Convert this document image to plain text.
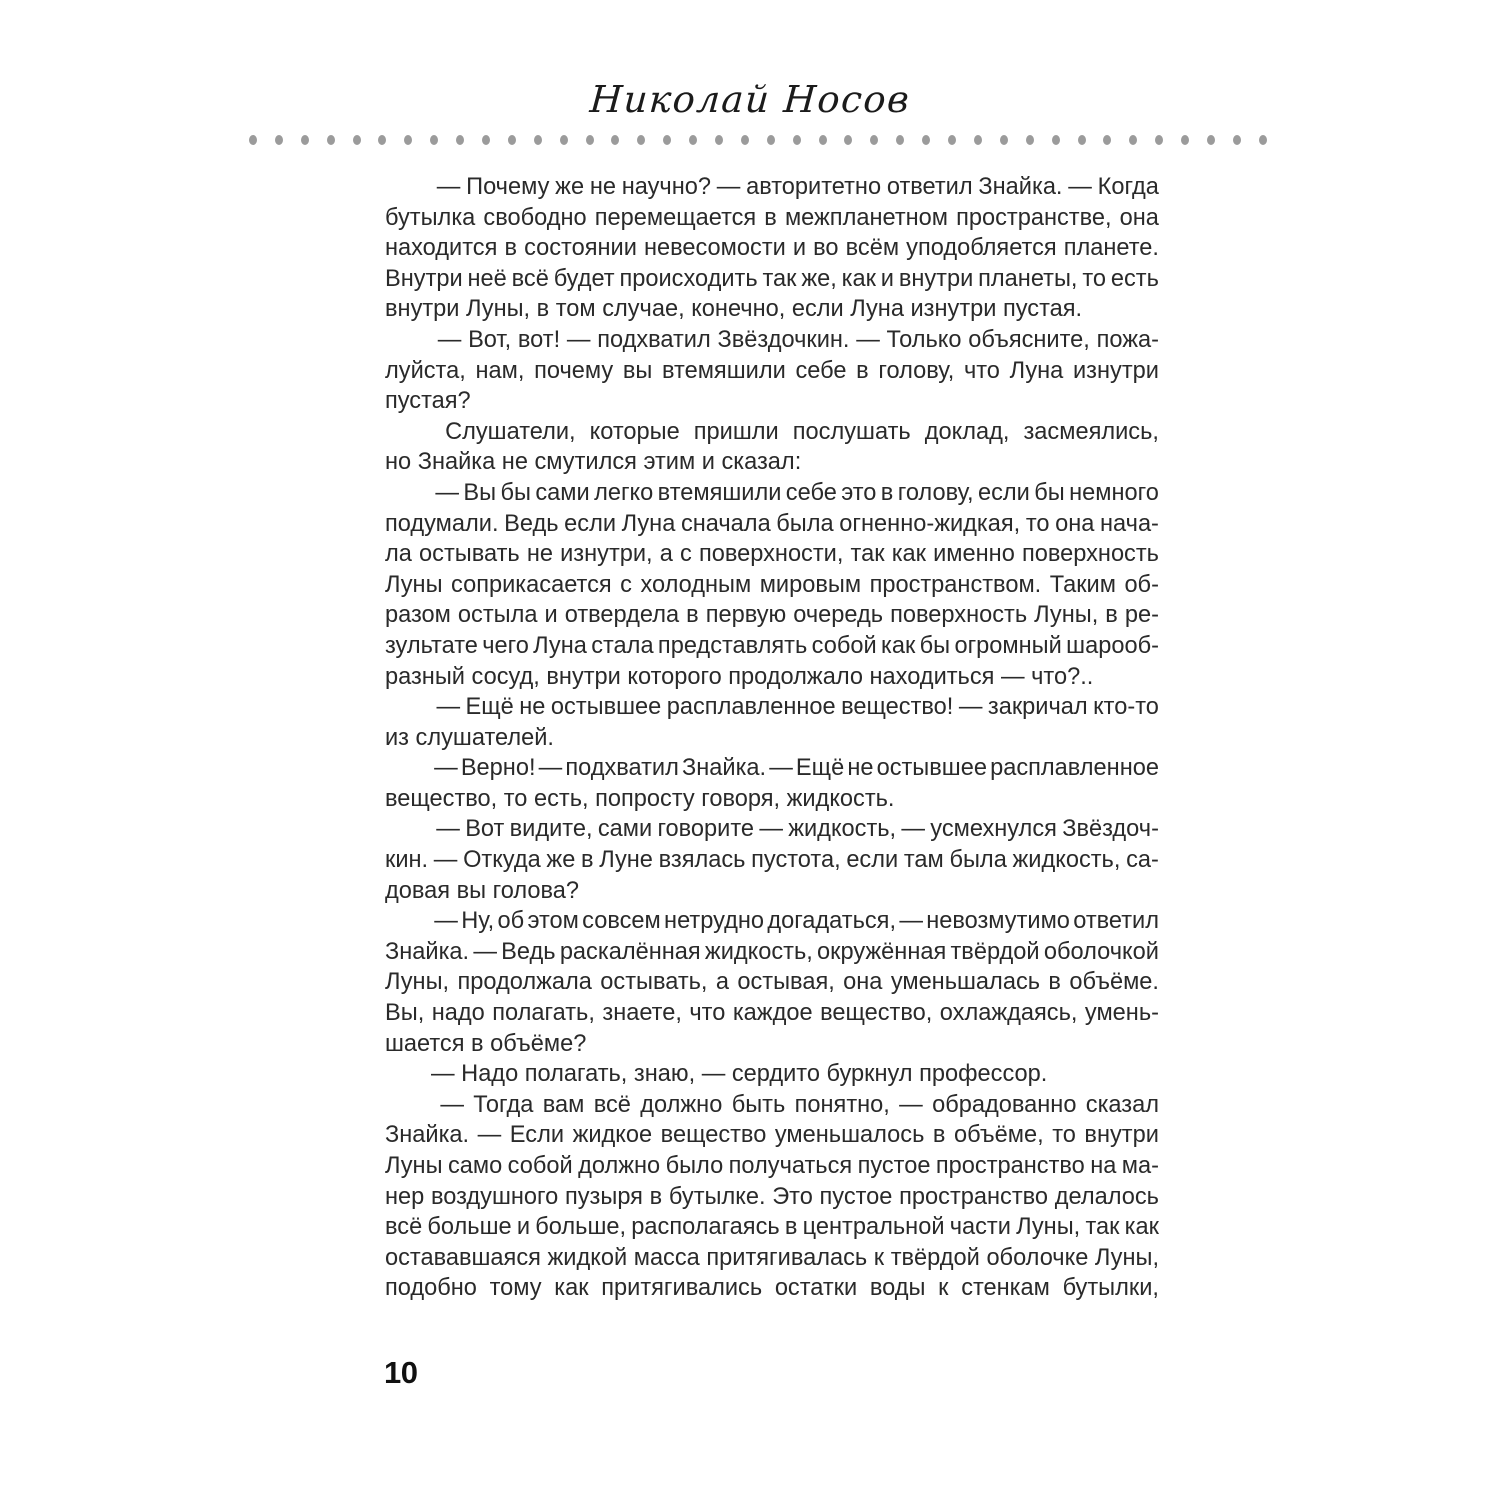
Николай Носов

— Почему же не научно? — авторитетно ответил Знайка. — Когда
бутылка свободно перемещается в межпланетном пространстве, она
находится в состоянии невесомости и во всём уподобляется планете.
Внутри неё всё будет происходить так же, как и внутри планеты, то есть
внутри Луны, в том случае, конечно, если Луна изнутри пустая.

— Вот, вот! — подхватил Звёздочкин. — Только объясните, пожа-
луйста, нам, почему вы втемяшили себе в голову, что Луна изнутри
пустая?

Слушатели, которые пришли послушать доклад, засмеялись,
но Знайка не смутился этим и сказал:

— Вы бы сами легко втемяшили себе это в голову, если бы немного
подумали. Ведь если Луна сначала была огненно-жидкая, то она нача-
ла остывать не изнутри, а с поверхности, так как именно поверхность
Луны соприкасается с холодным мировым пространством. Таким об-
разом остыла и отвердела в первую очередь поверхность Луны, в ре-
зультате чего Луна стала представлять собой как бы огромный шарооб-
разный сосуд, внутри которого продолжало находиться — что?..

— Ещё не остывшее расплавленное вещество! — закричал кто-то
из слушателей.

— Верно! — подхватил Знайка. — Ещё не остывшее расплавленное
вещество, то есть, попросту говоря, жидкость.

— Вот видите, сами говорите — жидкость, — усмехнулся Звёздоч-
кин. — Откуда же в Луне взялась пустота, если там была жидкость, са-
довая вы голова?

— Ну, об этом совсем нетрудно догадаться, — невозмутимо ответил
Знайка. — Ведь раскалённая жидкость, окружённая твёрдой оболочкой
Луны, продолжала остывать, а остывая, она уменьшалась в объёме.
Вы, надо полагать, знаете, что каждое вещество, охлаждаясь, умень-
шается в объёме?

— Надо полагать, знаю, — сердито буркнул профессор.

— Тогда вам всё должно быть понятно, — обрадованно сказал
Знайка. — Если жидкое вещество уменьшалось в объёме, то внутри
Луны само собой должно было получаться пустое пространство на ма-
нер воздушного пузыря в бутылке. Это пустое пространство делалось
всё больше и больше, располагаясь в центральной части Луны, так как
остававшаяся жидкой масса притягивалась к твёрдой оболочке Луны,
подобно тому как притягивались остатки воды к стенкам бутылки,

10
